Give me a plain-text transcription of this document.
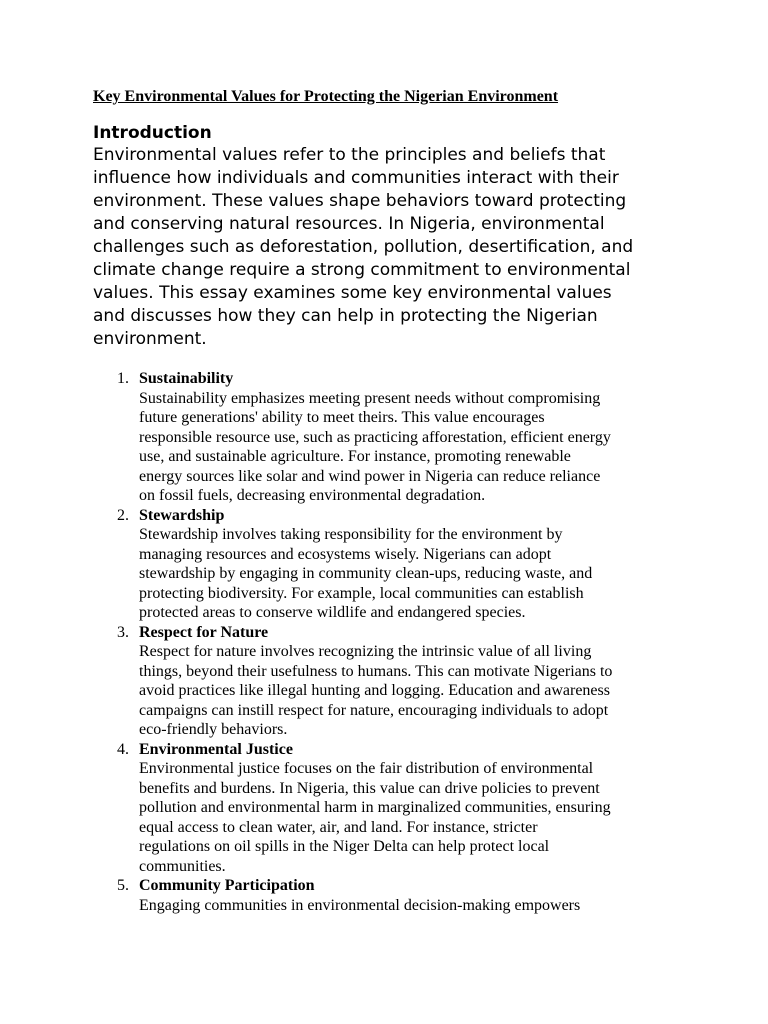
Key Environmental Values for Protecting the Nigerian Environment
Introduction
Environmental values refer to the principles and beliefs that
influence how individuals and communities interact with their
environment. These values shape behaviors toward protecting
and conserving natural resources. In Nigeria, environmental
challenges such as deforestation, pollution, desertification, and
climate change require a strong commitment to environmental
values. This essay examines some key environmental values
and discusses how they can help in protecting the Nigerian
environment.
1. Sustainability
Sustainability emphasizes meeting present needs without compromising
future generations' ability to meet theirs. This value encourages
responsible resource use, such as practicing afforestation, efficient energy
use, and sustainable agriculture. For instance, promoting renewable
energy sources like solar and wind power in Nigeria can reduce reliance
on fossil fuels, decreasing environmental degradation.
2. Stewardship
Stewardship involves taking responsibility for the environment by
managing resources and ecosystems wisely. Nigerians can adopt
stewardship by engaging in community clean-ups, reducing waste, and
protecting biodiversity. For example, local communities can establish
protected areas to conserve wildlife and endangered species.
3. Respect for Nature
Respect for nature involves recognizing the intrinsic value of all living
things, beyond their usefulness to humans. This can motivate Nigerians to
avoid practices like illegal hunting and logging. Education and awareness
campaigns can instill respect for nature, encouraging individuals to adopt
eco-friendly behaviors.
4. Environmental Justice
Environmental justice focuses on the fair distribution of environmental
benefits and burdens. In Nigeria, this value can drive policies to prevent
pollution and environmental harm in marginalized communities, ensuring
equal access to clean water, air, and land. For instance, stricter
regulations on oil spills in the Niger Delta can help protect local
communities.
5. Community Participation
Engaging communities in environmental decision-making empowers
